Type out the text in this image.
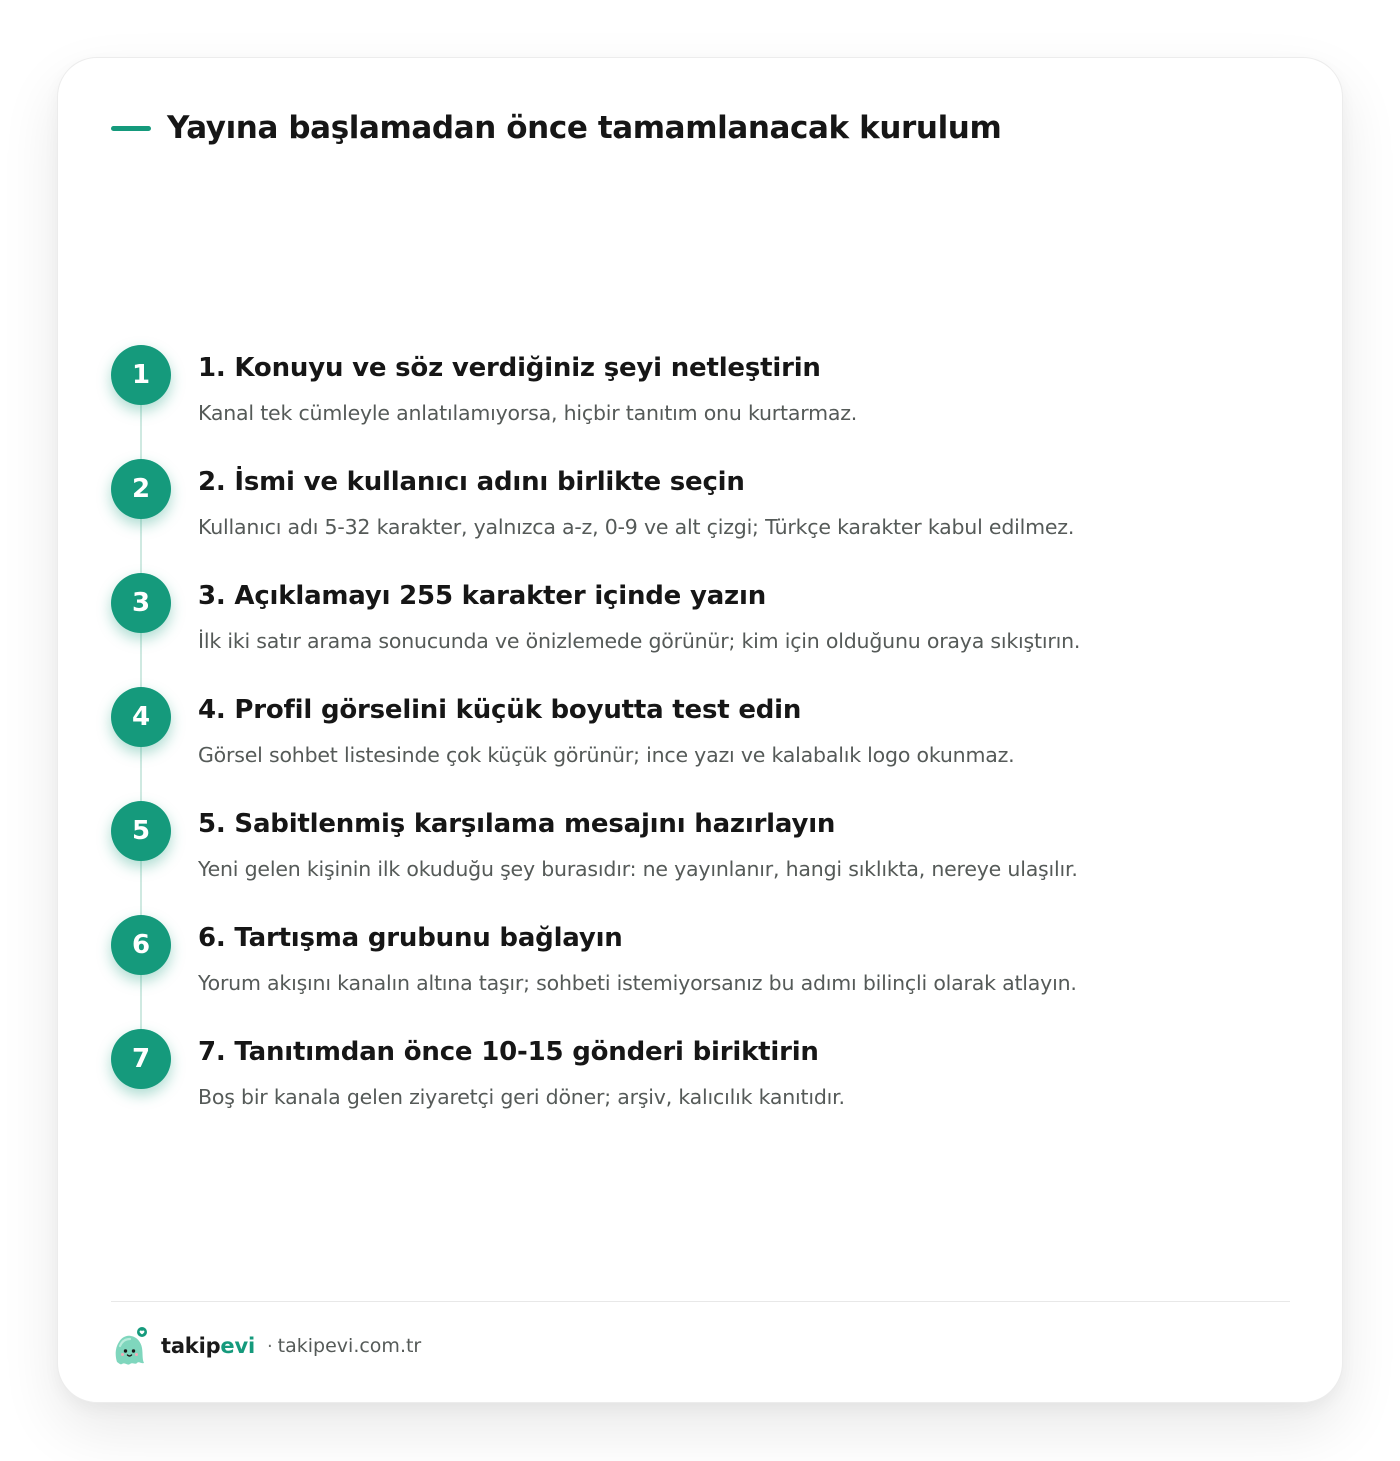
Yayına başlamadan önce tamamlanacak kurulum
1	1. Konuyu ve söz verdiğiniz şeyi netleştirin
Kanal tek cümleyle anlatılamıyorsa, hiçbir tanıtım onu kurtarmaz.
2	2. İsmi ve kullanıcı adını birlikte seçin
Kullanıcı adı 5-32 karakter, yalnızca a-z, 0-9 ve alt çizgi; Türkçe karakter kabul edilmez.
3	3. Açıklamayı 255 karakter içinde yazın
İlk iki satır arama sonucunda ve önizlemede görünür; kim için olduğunu oraya sıkıştırın.
4	4. Profil görselini küçük boyutta test edin
Görsel sohbet listesinde çok küçük görünür; ince yazı ve kalabalık logo okunmaz.
5	5. Sabitlenmiş karşılama mesajını hazırlayın
Yeni gelen kişinin ilk okuduğu şey burasıdır: ne yayınlanır, hangi sıklıkta, nereye ulaşılır.
6	6. Tartışma grubunu bağlayın
Yorum akışını kanalın altına taşır; sohbeti istemiyorsanız bu adımı bilinçli olarak atlayın.
7	7. Tanıtımdan önce 10-15 gönderi biriktirin
Boş bir kanala gelen ziyaretçi geri döner; arşiv, kalıcılık kanıtıdır.
takipevi · takipevi.com.tr
